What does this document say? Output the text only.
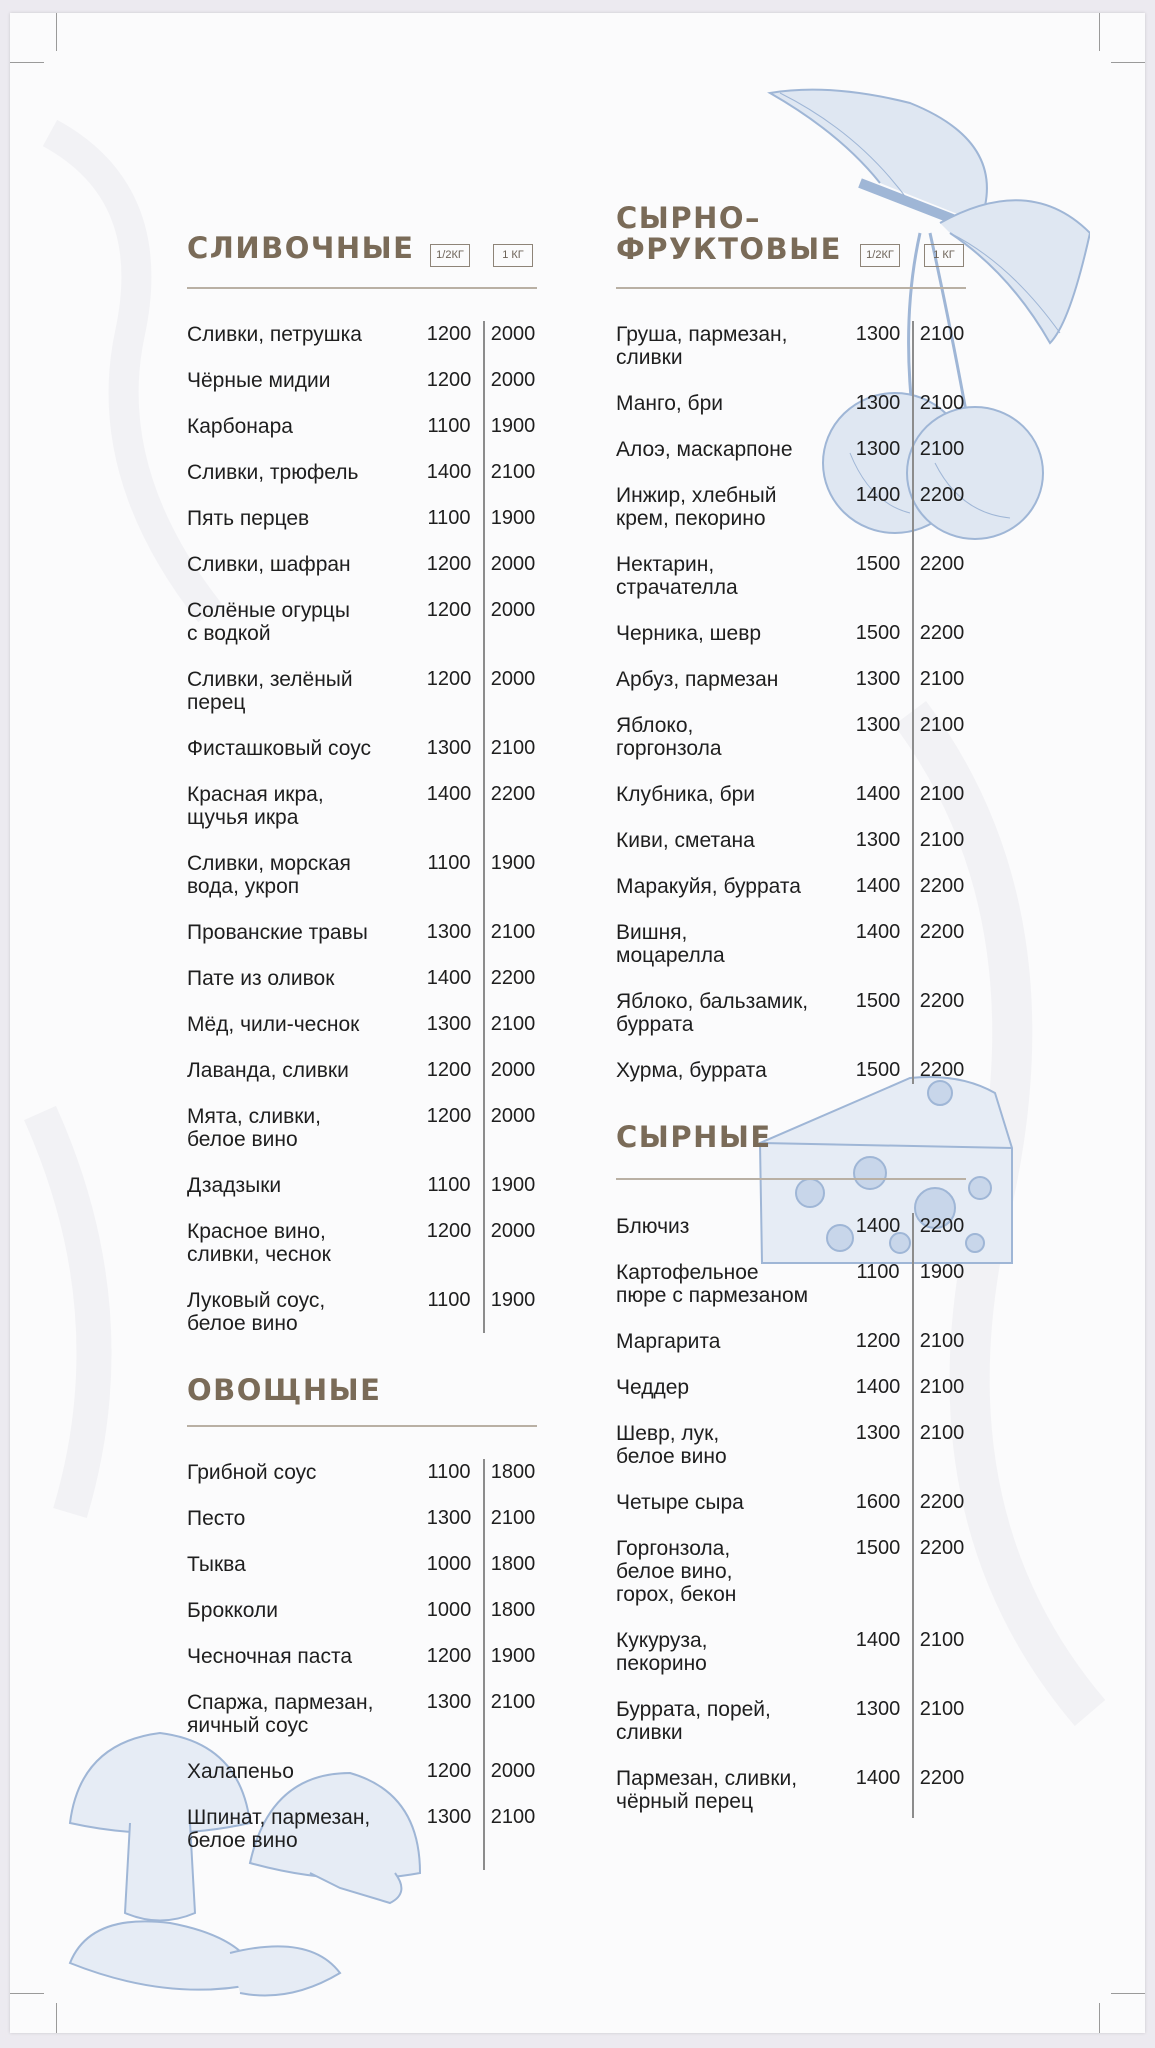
СЛИВОЧНЫЕ	1/2КГ	1 КГ
Сливки, петрушка	1200 2000
Чёрные мидии	1200 2000
Карбонара	1100 1900
Сливки, трюфель	1400 2100
Пять перцев	1100 1900
Сливки, шафран	1200 2000
Солёные огурцы
с водкой
1200 2000
Сливки, зелёный
перец
1200 2000
Фисташковый соус	1300 2100
Красная икра,
щучья икра
1400 2200
Сливки, морская
вода, укроп
1100 1900
Прованские травы	1300 2100
Пате из оливок	1400 2200
Мёд, чили-чеснок	1300 2100
Лаванда, сливки	1200 2000
Мята, сливки,
белое вино
1200 2000
Дзадзыки	1100 1900
Красное вино,
сливки, чеснок
1200 2000
Луковый соус,
белое вино
1100 1900
ОВОЩНЫЕ
Грибной соус	1100 1800
Песто	1300 2100
Тыква	1000 1800
Брокколи	1000 1800
Чесночная паста	1200 1900
Спаржа, пармезан,
яичный соус
1300 2100
Халапеньо	1200 2000
Шпинат, пармезан,
белое вино
1300 2100
СЫРНО–
ФРУКТОВЫЕ	1/2КГ	1 КГ
Груша, пармезан,
сливки
1300 2100
Манго, бри	1300 2100
Алоэ, маскарпоне	1300 2100
Инжир, хлебный
крем, пекорино
1400 2200
Нектарин,
страчателла
1500 2200
Черника, шевр	1500 2200
Арбуз, пармезан	1300 2100
Яблоко,
горгонзола
1300 2100
Клубника, бри	1400 2100
Киви, сметана	1300 2100
Маракуйя, буррата	1400 2200
Вишня,
моцарелла
1400 2200
Яблоко, бальзамик,
буррата
1500 2200
Хурма, буррата	1500 2200
СЫРНЫЕ
Блючиз	1400 2200
Картофельное
пюре с пармезаном
1100 1900
Маргарита	1200 2100
Чеддер	1400 2100
Шевр, лук,
белое вино
1300 2100
Четыре сыра	1600 2200
Горгонзола,
белое вино,
горох, бекон
1500 2200
Кукуруза,
пекорино
1400 2100
Буррата, порей,
сливки
1300 2100
Пармезан, сливки,
чёрный перец
1400 2200
